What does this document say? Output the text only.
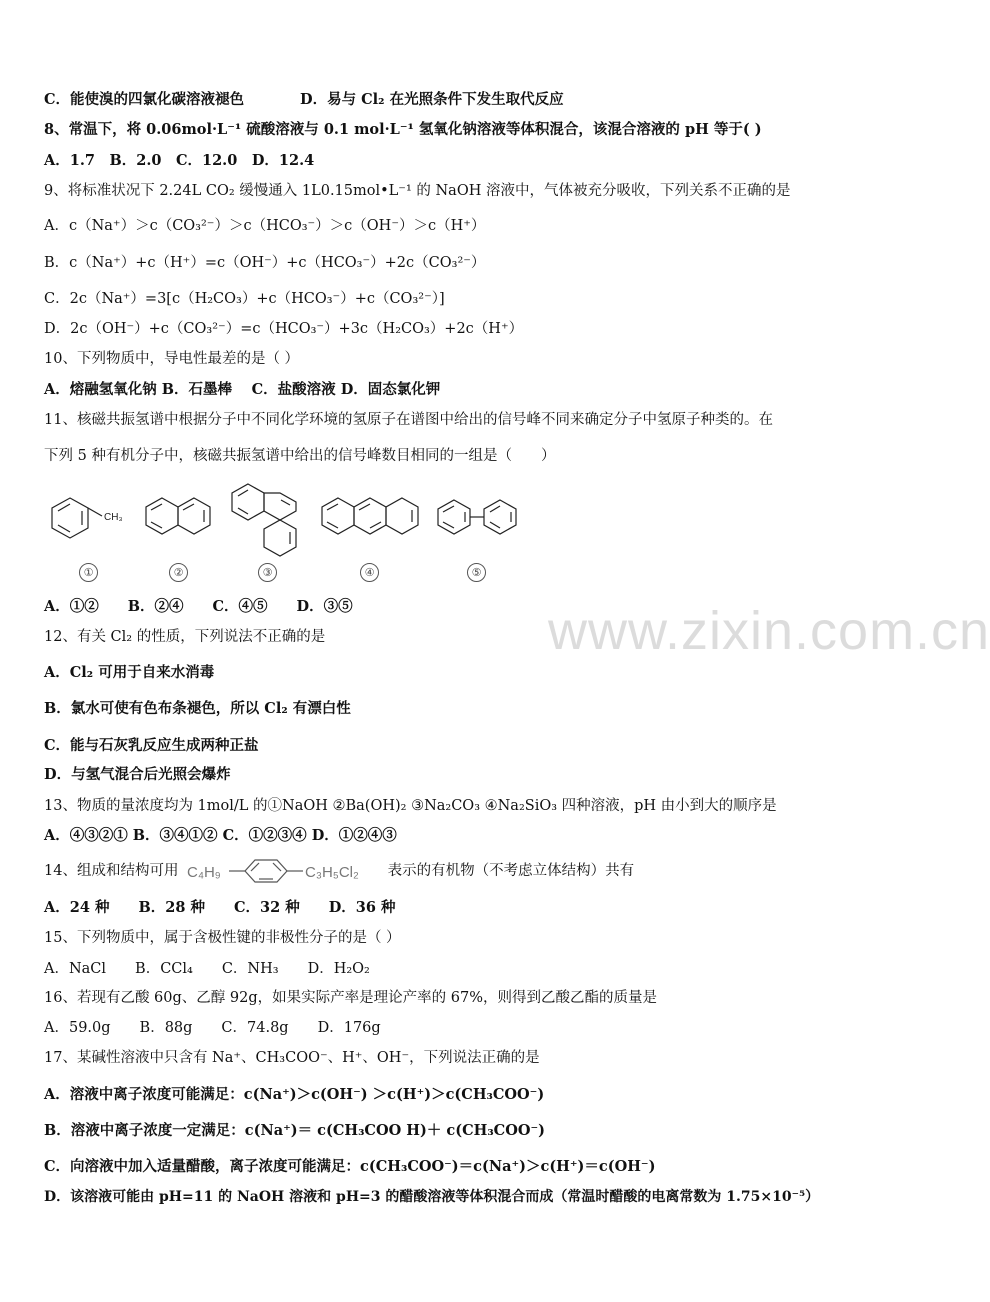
www.zixin.com.cn
C．能使溴的四氯化碳溶液褪色	D．易与 Cl₂ 在光照条件下发生取代反应
8、常温下，将 0.06mol·L⁻¹ 硫酸溶液与 0.1 mol·L⁻¹ 氢氧化钠溶液等体积混合，该混合溶液的 pH 等于( )
A．1.7　B．2.0　C．12.0　D．12.4
9、将标准状况下 2.24L CO₂ 缓慢通入 1L0.15mol•L⁻¹ 的 NaOH 溶液中，气体被充分吸收，下列关系不正确的是
A．c（Na⁺）＞c（CO₃²⁻）＞c（HCO₃⁻）＞c（OH⁻）＞c（H⁺）
B．c（Na⁺）+c（H⁺）=c（OH⁻）+c（HCO₃⁻）+2c（CO₃²⁻）
C．2c（Na⁺）=3[c（H₂CO₃）+c（HCO₃⁻）+c（CO₃²⁻）]
D．2c（OH⁻）+c（CO₃²⁻）=c（HCO₃⁻）+3c（H₂CO₃）+2c（H⁺）
10、下列物质中，导电性最差的是（ ）
A．熔融氢氧化钠 B．石墨棒　 C．盐酸溶液 D．固态氯化钾
11、核磁共振氢谱中根据分子中不同化学环境的氢原子在谱图中给出的信号峰不同来确定分子中氢原子种类的。在
下列 5 种有机分子中，核磁共振氢谱中给出的信号峰数目相同的一组是（　　）
CH₃
①	②	③	④	⑤
A．①②　　B．②④　　C．④⑤　　D．③⑤
12、有关 Cl₂ 的性质，下列说法不正确的是
A．Cl₂ 可用于自来水消毒
B．氯水可使有色布条褪色，所以 Cl₂ 有漂白性
C．能与石灰乳反应生成两种正盐
D．与氢气混合后光照会爆炸
13、物质的量浓度均为 1mol/L 的①NaOH ②Ba(OH)₂ ③Na₂CO₃ ④Na₂SiO₃ 四种溶液，pH 由小到大的顺序是
A．④③②① B．③④①② C．①②③④ D．①②④③
14、组成和结构可用 C₄H₉	C₃H₅Cl₂ 表示的有机物（不考虑立体结构）共有
A．24 种　　B．28 种　　C．32 种　　D．36 种
15、下列物质中，属于含极性键的非极性分子的是（ ）
A．NaCl　　B．CCl₄　　C．NH₃　　D．H₂O₂
16、若现有乙酸 60g、乙醇 92g，如果实际产率是理论产率的 67%，则得到乙酸乙酯的质量是
A．59.0g　　B．88g　　C．74.8g　　D．176g
17、某碱性溶液中只含有 Na⁺、CH₃COO⁻、H⁺、OH⁻，下列说法正确的是
A．溶液中离子浓度可能满足：c(Na⁺)＞c(OH⁻) ＞c(H⁺)＞c(CH₃COO⁻)
B．溶液中离子浓度一定满足：c(Na⁺)＝ c(CH₃COO H)＋ c(CH₃COO⁻)
C．向溶液中加入适量醋酸，离子浓度可能满足：c(CH₃COO⁻)＝c(Na⁺)＞c(H⁺)＝c(OH⁻)
D．该溶液可能由 pH=11 的 NaOH 溶液和 pH=3 的醋酸溶液等体积混合而成（常温时醋酸的电离常数为 1.75×10⁻⁵）
